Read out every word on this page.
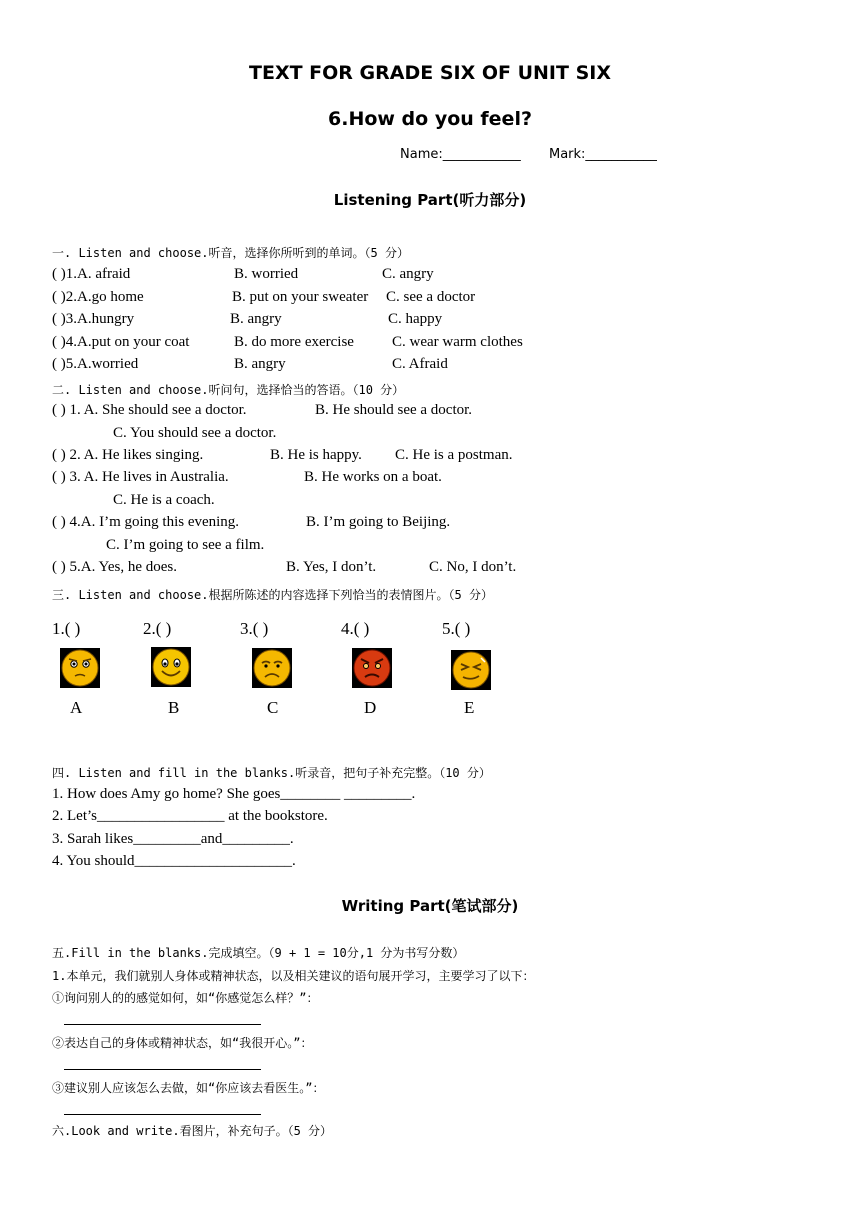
TEXT FOR GRADE SIX OF UNIT SIX
6.How do you feel?
Name:____________ Mark:___________
Listening Part(听力部分)
一. Listen and choose.听音，选择你所听到的单词。（5 分）
( )1.A. afraid	B. worried	C. angry
( )2.A.go home	B. put on your sweater C. see a doctor
( )3.A.hungry	B. angry	C. happy
( )4.A.put on your coat	B. do more exercise	C. wear warm clothes
( )5.A.worried	B. angry	C. Afraid
二. Listen and choose.听问句，选择恰当的答语。（10 分）
( ) 1. A. She should see a doctor.	B. He should see a doctor.
C. You should see a doctor.
( ) 2. A. He likes singing.	B. He is happy. C. He is a postman.
( ) 3. A. He lives in Australia.	B. He works on a boat.
C. He is a coach.
( ) 4.A. I’m going this evening.	B. I’m going to Beijing.
C. I’m going to see a film.
( ) 5.A. Yes, he does.	B. Yes, I don’t.	C. No, I don’t.
三. Listen and choose.根据所陈述的内容选择下列恰当的表情图片。（5 分）
1.( )	2.( )	3.( )	4.( )	5.( )
A	B	C	D	E
四. Listen and fill in the blanks.听录音，把句子补充完整。（10 分）
1. How does Amy go home? She goes________ _________.
2. Let’s_________________ at the bookstore.
3. Sarah likes_________and_________.
4. You should_____________________.
Writing Part(笔试部分)
五.Fill in the blanks.完成填空。（9 + 1 = 10分,1 分为书写分数）
1.本单元，我们就别人身体或精神状态，以及相关建议的语句展开学习，主要学习了以下：
①询问别人的的感觉如何，如“你感觉怎么样？”：
②表达自己的身体或精神状态，如“我很开心。”：
③建议别人应该怎么去做，如“你应该去看医生。”：
六.Look and write.看图片，补充句子。（5 分）
